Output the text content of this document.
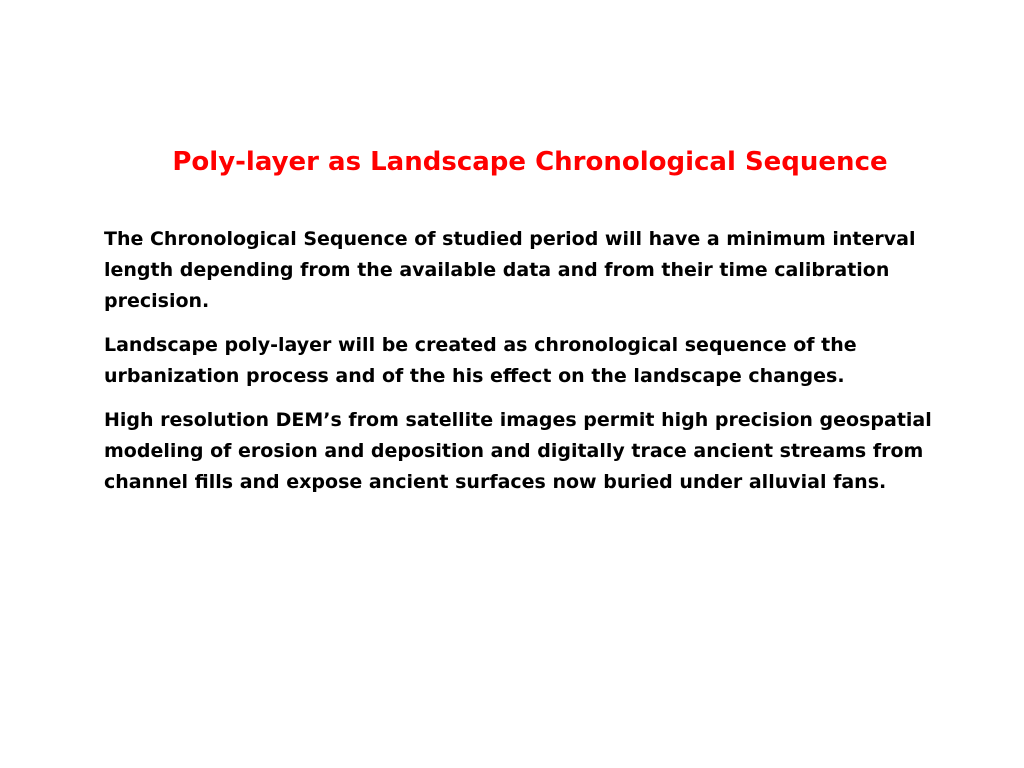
Poly-layer as Landscape Chronological Sequence

The Chronological Sequence of studied period will have a minimum interval length depending from the available data and from their time calibration precision.

Landscape poly-layer will be created as chronological sequence of the urbanization process and of the his effect on the landscape changes.

High resolution DEM’s from satellite images permit high precision geospatial modeling of erosion and deposition and digitally trace ancient streams from channel fills and expose ancient surfaces now buried under alluvial fans.
